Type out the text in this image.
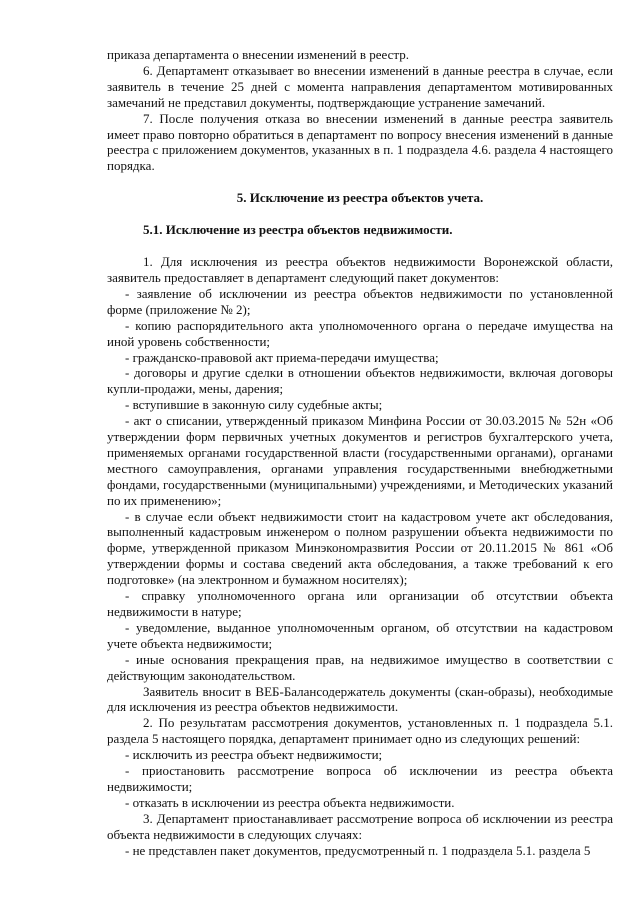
приказа департамента о внесении изменений в реестр.

6. Департамент отказывает во внесении изменений в данные реестра в случае, если заявитель в течение 25 дней с момента направления департаментом мотивированных замечаний не представил документы, подтверждающие устранение замечаний.

7. После получения отказа во внесении изменений в данные реестра заявитель имеет право повторно обратиться в департамент по вопросу внесения изменений в данные реестра с приложением документов, указанных в п. 1 подраздела 4.6. раздела 4 настоящего порядка.

5. Исключение из реестра объектов учета.

5.1. Исключение из реестра объектов недвижимости.

1. Для исключения из реестра объектов недвижимости Воронежской области, заявитель предоставляет в департамент следующий пакет документов:

- заявление об исключении из реестра объектов недвижимости по установленной форме (приложение № 2);

- копию распорядительного акта уполномоченного органа о передаче имущества на иной уровень собственности;

- гражданско-правовой акт приема-передачи имущества;

- договоры и другие сделки в отношении объектов недвижимости, включая договоры купли-продажи, мены, дарения;

- вступившие в законную силу судебные акты;

- акт о списании, утвержденный приказом Минфина России от 30.03.2015 № 52н «Об утверждении форм первичных учетных документов и регистров бухгалтерского учета, применяемых органами государственной власти (государственными органами), органами местного самоуправления, органами управления государственными внебюджетными фондами, государственными (муниципальными) учреждениями, и Методических указаний по их применению»;

- в случае если объект недвижимости стоит на кадастровом учете акт обследования, выполненный кадастровым инженером о полном разрушении объекта недвижимости по форме, утвержденной приказом Минэкономразвития России от 20.11.2015 № 861 «Об утверждении формы и состава сведений акта обследования, а также требований к его подготовке» (на электронном и бумажном носителях);

- справку уполномоченного органа или организации об отсутствии объекта недвижимости в натуре;

- уведомление, выданное уполномоченным органом, об отсутствии на кадастровом учете объекта недвижимости;

- иные основания прекращения прав, на недвижимое имущество в соответствии с действующим законодательством.

Заявитель вносит в ВЕБ-Балансодержатель документы (скан-образы), необходимые для исключения из реестра объектов недвижимости.

2. По результатам рассмотрения документов, установленных п. 1 подраздела 5.1. раздела 5 настоящего порядка, департамент принимает одно из следующих решений:

- исключить из реестра объект недвижимости;

- приостановить рассмотрение вопроса об исключении из реестра объекта недвижимости;

- отказать в исключении из реестра объекта недвижимости.

3. Департамент приостанавливает рассмотрение вопроса об исключении из реестра объекта недвижимости в следующих случаях:

- не представлен пакет документов, предусмотренный п. 1 подраздела 5.1. раздела 5
